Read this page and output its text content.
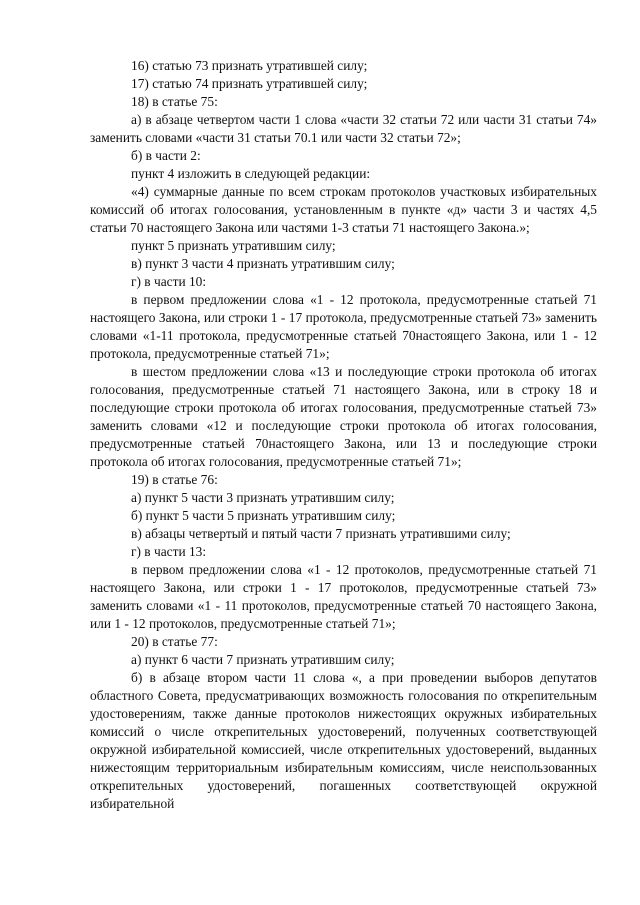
16) статью 73 признать утратившей силу;

17) статью 74 признать утратившей силу;

18) в статье 75:

а) в абзаце четвертом части 1 слова «части 32 статьи 72 или части 31 статьи 74» заменить словами «части 31 статьи 70.1 или части 32 статьи 72»;

б) в части 2:

пункт 4 изложить в следующей редакции:

«4) суммарные данные по всем строкам протоколов участковых избирательных комиссий об итогах голосования, установленным в пункте «д» части 3 и частях 4,5 статьи 70 настоящего Закона или частями 1-3 статьи 71 настоящего Закона.»;

пункт 5 признать утратившим силу;

в) пункт 3 части 4 признать утратившим силу;

г) в части 10:

в первом предложении слова «1 - 12 протокола, предусмотренные статьей 71 настоящего Закона, или строки 1 - 17 протокола, предусмотренные статьей 73» заменить словами «1-11 протокола, предусмотренные статьей 70настоящего Закона, или 1 - 12 протокола, предусмотренные статьей 71»;

в шестом предложении слова «13 и последующие строки протокола об итогах голосования, предусмотренные статьей 71 настоящего Закона, или в строку 18 и последующие строки протокола об итогах голосования, предусмотренные статьей 73» заменить словами «12 и последующие строки протокола об итогах голосования, предусмотренные статьей 70настоящего Закона, или 13 и последующие строки протокола об итогах голосования, предусмотренные статьей 71»;

19) в статье 76:

а) пункт 5 части 3 признать утратившим силу;

б) пункт 5 части 5 признать утратившим силу;

в) абзацы четвертый и пятый части 7 признать утратившими силу;

г) в части 13:

в первом предложении слова «1 - 12 протоколов, предусмотренные статьей 71 настоящего Закона, или строки 1 - 17 протоколов, предусмотренные статьей 73» заменить словами «1 - 11 протоколов, предусмотренные статьей 70 настоящего Закона, или 1 - 12 протоколов, предусмотренные статьей 71»;

20) в статье 77:

а) пункт 6 части 7 признать утратившим силу;

б) в абзаце втором части 11 слова «, а при проведении выборов депутатов областного Совета, предусматривающих возможность голосования по открепительным удостоверениям, также данные протоколов нижестоящих окружных избирательных комиссий о числе открепительных удостоверений, полученных соответствующей окружной избирательной комиссией, числе открепительных удостоверений, выданных нижестоящим территориальным избирательным комиссиям, числе неиспользованных открепительных удостоверений, погашенных соответствующей окружной избирательной
